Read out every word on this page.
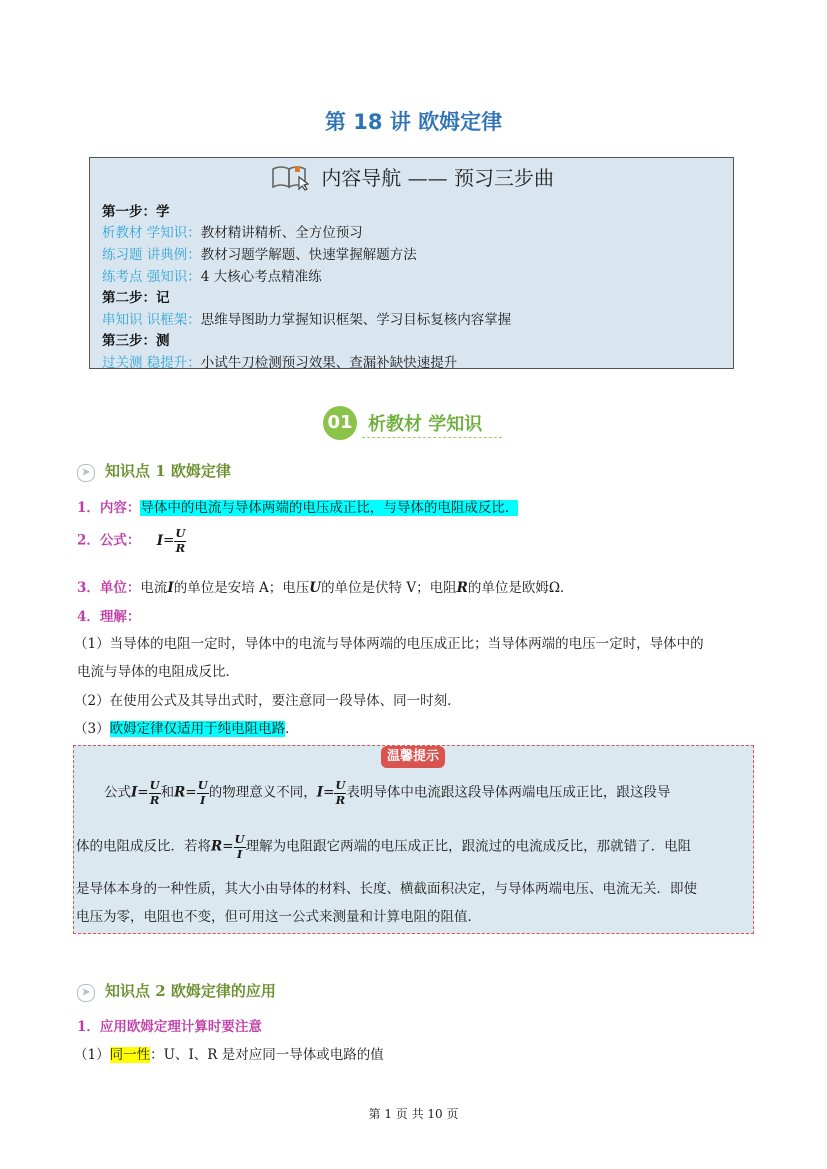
第 18 讲 欧姆定律
内容导航 —— 预习三步曲
第一步：学
析教材 学知识：教材精讲精析、全方位预习
练习题 讲典例：教材习题学解题、快速掌握解题方法
练考点 强知识：4 大核心考点精准练
第二步：记
串知识 识框架：思维导图助力掌握知识框架、学习目标复核内容掌握
第三步：测
过关测 稳提升：小试牛刀检测预习效果、查漏补缺快速提升
01 析教材 学知识
➤ 知识点 1 欧姆定律
1．内容：导体中的电流与导体两端的电压成正比，与导体的电阻成反比．
2．公式： $I= \frac{U}{R}$
3．单位：电流I的单位是安培 A；电压U的单位是伏特 V；电阻R的单位是欧姆Ω．
4．理解：
（1）当导体的电阻一定时，导体中的电流与导体两端的电压成正比；当导体两端的电压一定时，导体中的
电流与导体的电阻成反比．
（2）在使用公式及其导出式时，要注意同一段导体、同一时刻．
（3）欧姆定律仅适用于纯电阻电路．
温馨提示
公式$I= \frac{U}{R}$ 和$R= \frac{U}{I}$ 的物理意义不同，$I= \frac{U}{R}$ 表明导体中电流跟这段导体两端电压成正比，跟这段导
体的电阻成反比．若将$R= \frac{U}{I}$ 理解为电阻跟它两端的电压成正比，跟流过的电流成反比，那就错了．电阻
是导体本身的一种性质，其大小由导体的材料、长度、横截面积决定，与导体两端电压、电流无关．即使
电压为零，电阻也不变，但可用这一公式来测量和计算电阻的阻值．
➤ 知识点 2 欧姆定律的应用
1．应用欧姆定理计算时要注意
（1）同一性：U、I、R 是对应同一导体或电路的值
第 1 页 共 10 页
